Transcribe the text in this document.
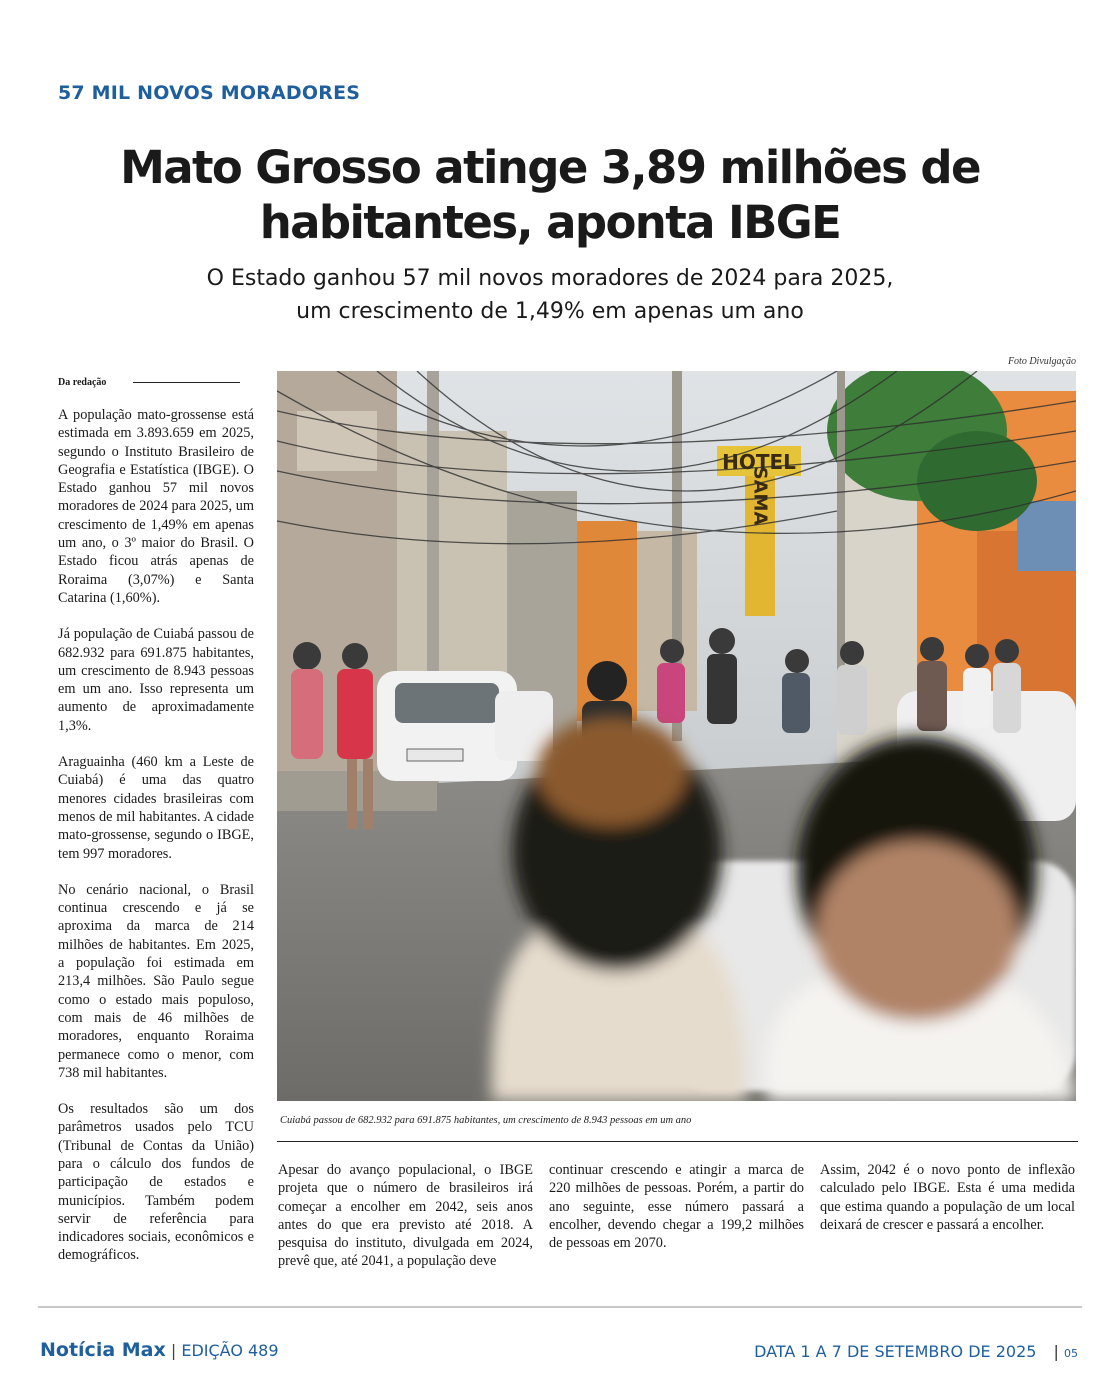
57 MIL NOVOS MORADORES
Mato Grosso atinge 3,89 milhões de
habitantes, aponta IBGE
O Estado ganhou 57 mil novos moradores de 2024 para 2025,
um crescimento de 1,49% em apenas um ano
Foto Divulgação
Da redação

A população mato-grossense está estimada em 3.893.659 em 2025, segundo o Instituto Brasileiro de Geografia e Estatística (IBGE). O Estado ganhou 57 mil novos moradores de 2024 para 2025, um crescimento de 1,49% em apenas um ano, o 3º maior do Brasil. O Estado ficou atrás apenas de Roraima (3,07%) e Santa Catarina (1,60%).

Já população de Cuiabá passou de 682.932 para 691.875 habitantes, um crescimento de 8.943 pessoas em um ano. Isso representa um aumento de aproximadamente 1,3%.

Araguainha (460 km a Leste de Cuiabá) é uma das quatro menores cidades brasileiras com menos de mil habitantes. A cidade mato-grossense, segundo o IBGE, tem 997 moradores.

No cenário nacional, o Brasil continua crescendo e já se aproxima da marca de 214 milhões de habitantes. Em 2025, a população foi estimada em 213,4 milhões. São Paulo segue como o estado mais populoso, com mais de 46 milhões de moradores, enquanto Roraima permanece como o menor, com 738 mil habitantes.

Os resultados são um dos parâmetros usados pelo TCU (Tribunal de Contas da União) para o cálculo dos fundos de participação de estados e municípios. Também podem servir de referência para indicadores sociais, econômicos e demográficos.

HOTEL
SAMA
Cuiabá passou de 682.932 para 691.875 habitantes, um crescimento de 8.943 pessoas em um ano
Apesar do avanço populacional, o IBGE projeta que o número de brasileiros irá começar a encolher em 2042, seis anos antes do que era previsto até 2018. A pesquisa do instituto, divulgada em 2024, prevê que, até 2041, a população deve
continuar crescendo e atingir a marca de 220 milhões de pessoas. Porém, a partir do ano seguinte, esse número passará a encolher, devendo chegar a 199,2 milhões de pessoas em 2070.
Assim, 2042 é o novo ponto de inflexão calculado pelo IBGE. Esta é uma medida que estima quando a população de um local deixará de crescer e passará a encolher.
Notícia Max | EDIÇÃO 489	DATA 1 A 7 DE SETEMBRO DE 2025 | 05
